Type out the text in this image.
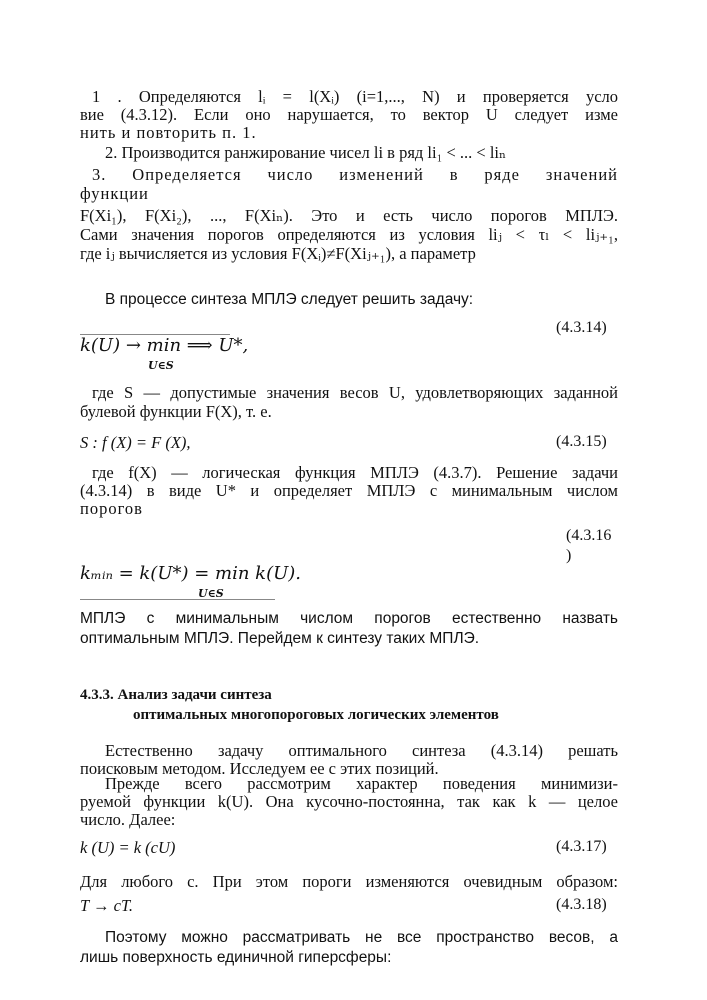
1 . Определяются lᵢ = l(Xᵢ) (i=1,..., N) и проверяется усло
вие (4.3.12). Если оно нарушается, то вектор U следует изме
нить и повторить п. 1.
2. Производится ранжирование чисел li в ряд li₁ < ... < liₙ
3. Определяется число изменений в ряде значений
функции
F(Xi₁), F(Xi₂), ..., F(Xiₙ). Это и есть число порогов МПЛЭ.
Сами значения порогов определяются из условия liⱼ < τₗ < liⱼ₊₁,
где iⱼ вычисляется из условия F(Xᵢ)≠F(Xiⱼ₊₁), а параметр
В процессе синтеза МПЛЭ следует решить задачу:
(4.3.14)
k(U) → min ⟹ U*,
U∈S
где S — допустимые значения весов U, удовлетворяющих заданной
булевой функции F(X), т. е.
S : f (X) = F (X),	(4.3.15)
где f(X) — логическая функция МПЛЭ (4.3.7). Решение задачи
(4.3.14) в виде U* и определяет МПЛЭ с минимальным числом
порогов
(4.3.16
)
kₘᵢₙ = k(U*) = min k(U).
U∈S
МПЛЭ с минимальным числом порогов естественно назвать
оптимальным МПЛЭ. Перейдем к синтезу таких МПЛЭ.
4.3.3. Анализ задачи синтеза
оптимальных многопороговых логических элементов
Естественно задачу оптимального синтеза (4.3.14) решать
поисковым методом. Исследуем ее с этих позиций.
Прежде всего рассмотрим характер поведения минимизи-
руемой функции k(U). Она кусочно-постоянна, так как k — целое
число. Далее:
k (U) = k (cU)	(4.3.17)
Для любого c. При этом пороги изменяются очевидным образом:
T → cT.	(4.3.18)
Поэтому можно рассматривать не все пространство весов, а
лишь поверхность единичной гиперсферы:
